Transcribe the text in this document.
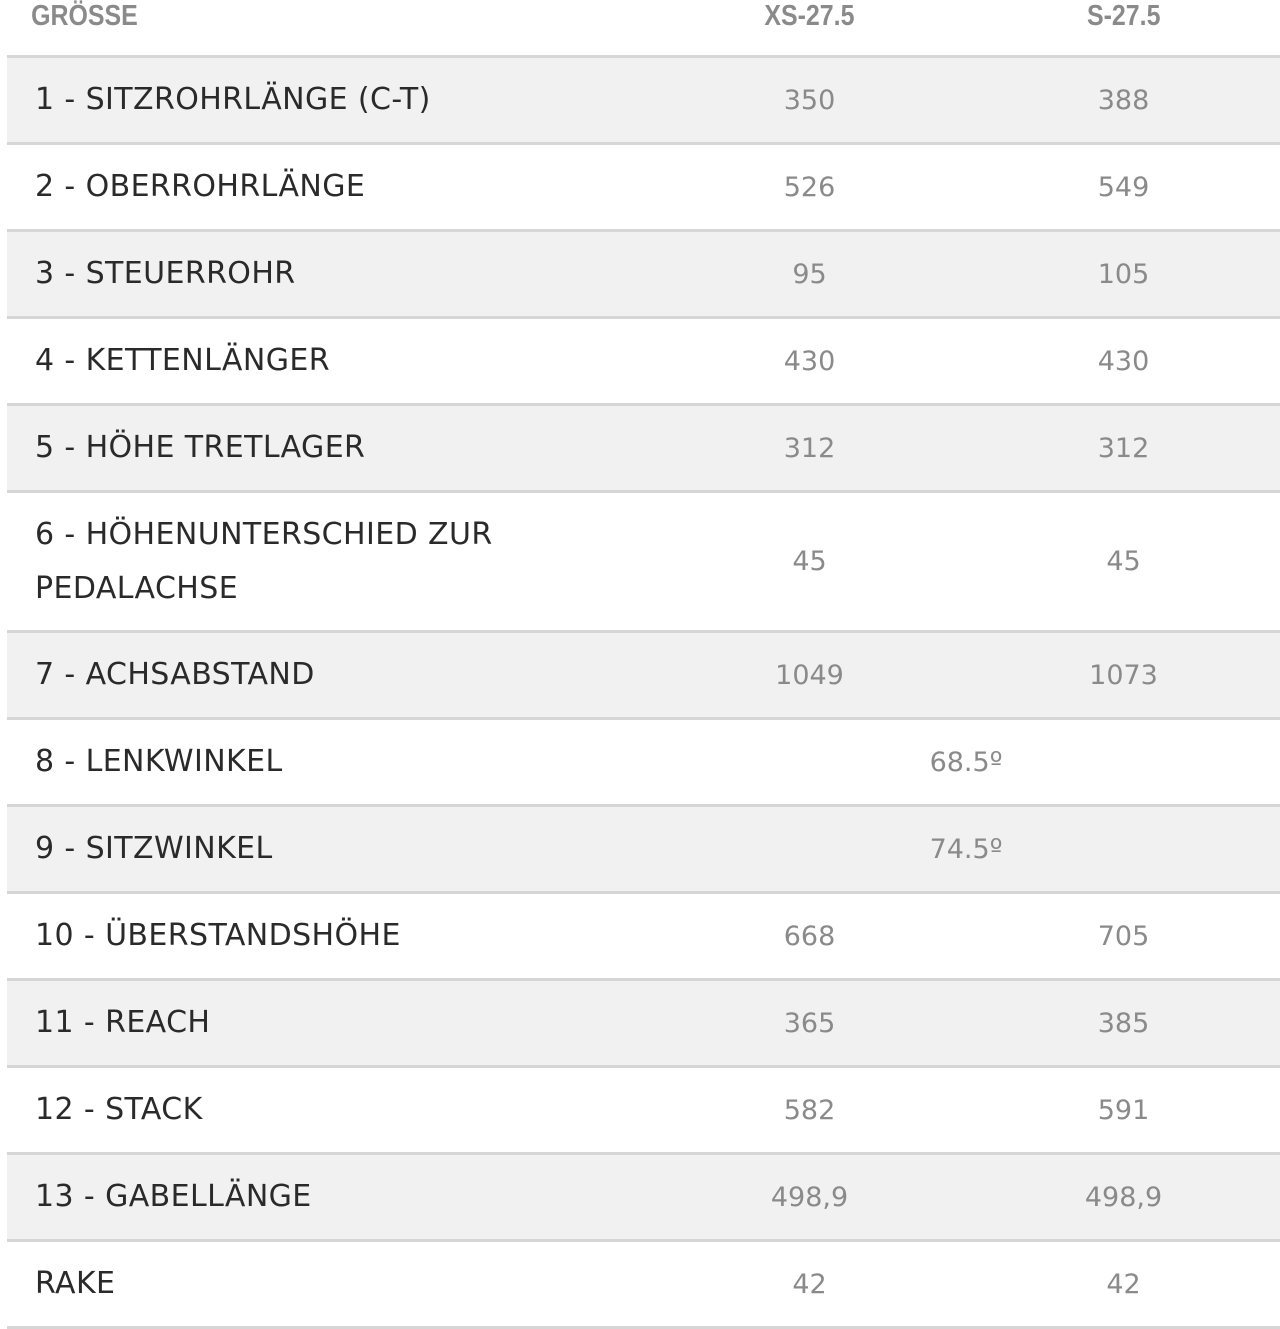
GRÖSSE	XS-27.5	S-27.5
1 - SITZROHRLÄNGE (C-T)	350	388
2 - OBERROHRLÄNGE	526	549
3 - STEUERROHR	95	105
4 - KETTENLÄNGER	430	430
5 - HÖHE TRETLAGER	312	312
6 - HÖHENUNTERSCHIED ZUR PEDALACHSE	45	45
7 - ACHSABSTAND	1049	1073
8 - LENKWINKEL	68.5º	
9 - SITZWINKEL	74.5º	
10 - ÜBERSTANDSHÖHE	668	705
11 - REACH	365	385
12 - STACK	582	591
13 - GABELLÄNGE	498,9	498,9
RAKE	42	42
